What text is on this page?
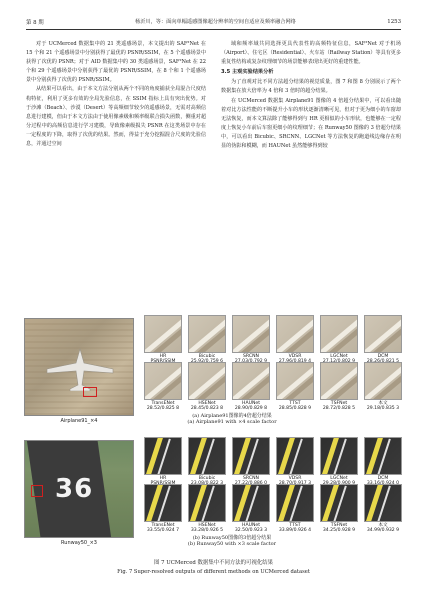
第 8 期	杨沂川，等：面向单幅遥感图像超分辨率的空间自适应及频率融合网络	1253

对于 UCMerced 数据集中的 21 类遥感场景，本文提出的 SAF²Net 在 15 个和 21 个遥感场景中分别获得了最优的 PSNR/SSIM，在 5 个遥感场景中获得了次优的 PSNR；对于 AID 数据集中的 30 类遥感场景，SAF²Net 在 22 个和 29 个遥感场景中分别获得了最优的 PSNR/SSIM，在 8 个和 1 个遥感场景中分别获得了次优的 PSNR/SSIM。

从结果可以看出，由于本文方法分别从两个不同的角度捕获全局混合尺度结构特征，利用了更多有效的全局先验信息，在 SSIM 指标上具有突出优势。对于沙滩（Beach）、沙漠（Desert）等高频细节较少的遥感场景，无需对高频信息进行建模，但由于本文方法由于使用像素级和频率级联合损失函数，侧重对超分过程中的高频信息进行学习建模，导致像素级损失 PSNR 在这类场景中存在一定程度的下降，取得了次优的结果。然而，得益于充分挖掘混合尺度的先验信息，并通过空间

域和频率域共同选择更具代表性的高频特征信息，SAF²Net 对于机场（Airport）、住宅区（Residential）、火车站（Railway Station）等具有更多重复性结构或复杂纹理细节的场景能够表现出更好的重建性能。

3.5 主观实验结果分析

为了直观对比不同方法超分结果的视觉质量，图 7 和图 8 分别展示了两个数据集在放大倍率为 4 倍和 3 倍时的超分结果。

在 UCMerced 数据集 Airplane91 图像的 4 倍超分结果中，可以看出随着对比方法性能的不断提升小车的形状逐渐清晰可见，但对于更为细小的车窗却无法恢复，而本文算法除了能够得到与 HR 更相似的小车形状，也能够在一定程度上恢复小车前后车窗更细小的纹理细节；在 Runway50 图像的 3 倍超分结果中，可以看出 Bicubic、SRCNN、LGCNet 等方法恢复的跑道线边缘存在明显的伪影和模糊，而 HAUNet 虽然能够得到较

Airplane91_×4
HR	Bicubic	SRCNN	VDSR	LGCNet	DCM
TransENet
28.52/0.825 8
HSENet
28.45/0.823 8
HAUNet
28.90/0.829 8
TTST
28.85/0.828 9
TSFNet
28.72/0.828 5
本文
29.18/0.835 3
(a) Airplane91图像的4倍超分结果
(a) Airplane91 with ×4 scale factor
36
Runway50_×3
HR	Bicubic	SRCNN	VDSR	LGCNet	DCM
TransENet
33.55/0.924 7
HSENet
33.28/0.926 5
HAUNet
32.50/0.923 3
TTST
33.89/0.926 4
TSFNet
34.25/0.928 9
本文
34.99/0.932 9
(b) Runway50图像的3倍超分结果
(b) Runway50 with ×3 scale factor
图 7 UCMerced 数据集中不同方法的可视化结果
Fig. 7 Super-resolved outputs of different methods on UCMerced dataset
